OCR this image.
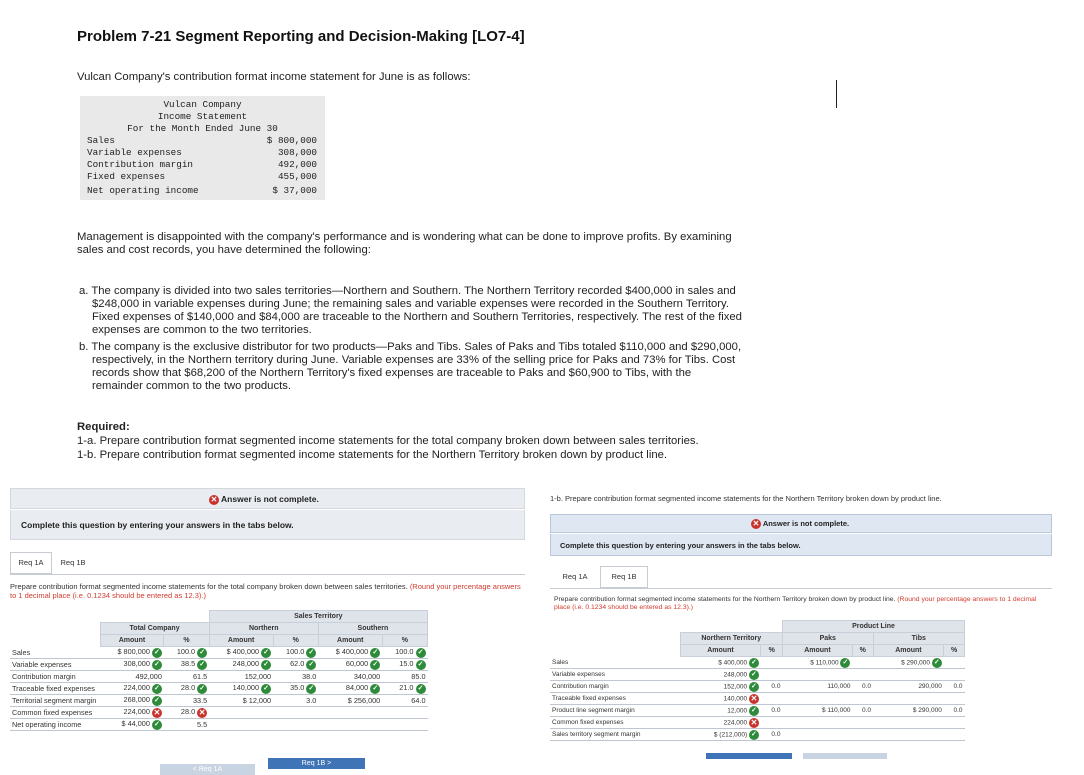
Problem 7-21 Segment Reporting and Decision-Making [LO7-4]
Vulcan Company's contribution format income statement for June is as follows:
Vulcan Company
Income Statement
For the Month Ended June 30
Sales	$ 800,000
Variable expenses	308,000
Contribution margin	492,000
Fixed expenses	455,000
Net operating income	$ 37,000
Management is disappointed with the company's performance and is wondering what can be done to improve profits. By examining
sales and cost records, you have determined the following:
a. The company is divided into two sales territories—Northern and Southern. The Northern Territory recorded $400,000 in sales and
$248,000 in variable expenses during June; the remaining sales and variable expenses were recorded in the Southern Territory.
Fixed expenses of $140,000 and $84,000 are traceable to the Northern and Southern Territories, respectively. The rest of the fixed
expenses are common to the two territories.
b. The company is the exclusive distributor for two products—Paks and Tibs. Sales of Paks and Tibs totaled $110,000 and $290,000,
respectively, in the Northern territory during June. Variable expenses are 33% of the selling price for Paks and 73% for Tibs. Cost
records show that $68,200 of the Northern Territory's fixed expenses are traceable to Paks and $60,900 to Tibs, with the
remainder common to the two products.
Required:
1-a. Prepare contribution format segmented income statements for the total company broken down between sales territories.
1-b. Prepare contribution format segmented income statements for the Northern Territory broken down by product line.
✕ Answer is not complete.
Complete this question by entering your answers in the tabs below.
Req 1A	Req 1B
Prepare contribution format segmented income statements for the total company broken down between sales territories. (Round your percentage answers to 1 decimal place (i.e. 0.1234 should be entered as 12.3).)
			Sales Territory			
	Total Company		Northern		Southern	
	Amount	%	Amount	%	Amount	%
Sales	$ 800,000 ✓	100.0 ✓	$ 400,000 ✓	100.0 ✓	$ 400,000 ✓	100.0 ✓
Variable expenses	308,000 ✓	38.5 ✓	248,000 ✓	62.0 ✓	60,000 ✓	15.0 ✓
Contribution margin	492,000	61.5	152,000	38.0	340,000	85.0
Traceable fixed expenses	224,000 ✓	28.0 ✓	140,000 ✓	35.0 ✓	84,000 ✓	21.0 ✓
Territorial segment margin	268,000 ✓	33.5	$ 12,000	3.0	$ 256,000	64.0
Common fixed expenses	224,000 ✕	28.0 ✕				
Net operating income	$ 44,000 ✓	5.5				
< Req 1A
Req 1B >
1-b. Prepare contribution format segmented income statements for the Northern Territory broken down by product line.
✕ Answer is not complete.
Complete this question by entering your answers in the tabs below.
Req 1A	Req 1B
Prepare contribution format segmented income statements for the Northern Territory broken down by product line. (Round your percentage answers to 1 decimal place (i.e. 0.1234 should be entered as 12.3).)
			Product Line			
	Northern Territory		Paks		Tibs	
	Amount	%	Amount	%	Amount	%
Sales	$ 400,000 ✓		$ 110,000 ✓		$ 290,000 ✓	
Variable expenses	248,000 ✓					
Contribution margin	152,000 ✓	0.0	110,000	0.0	290,000	0.0
Traceable fixed expenses	140,000 ✕					
Product line segment margin	12,000 ✓	0.0	$ 110,000	0.0	$ 290,000	0.0
Common fixed expenses	224,000 ✕					
Sales territory segment margin	$ (212,000) ✓	0.0				
